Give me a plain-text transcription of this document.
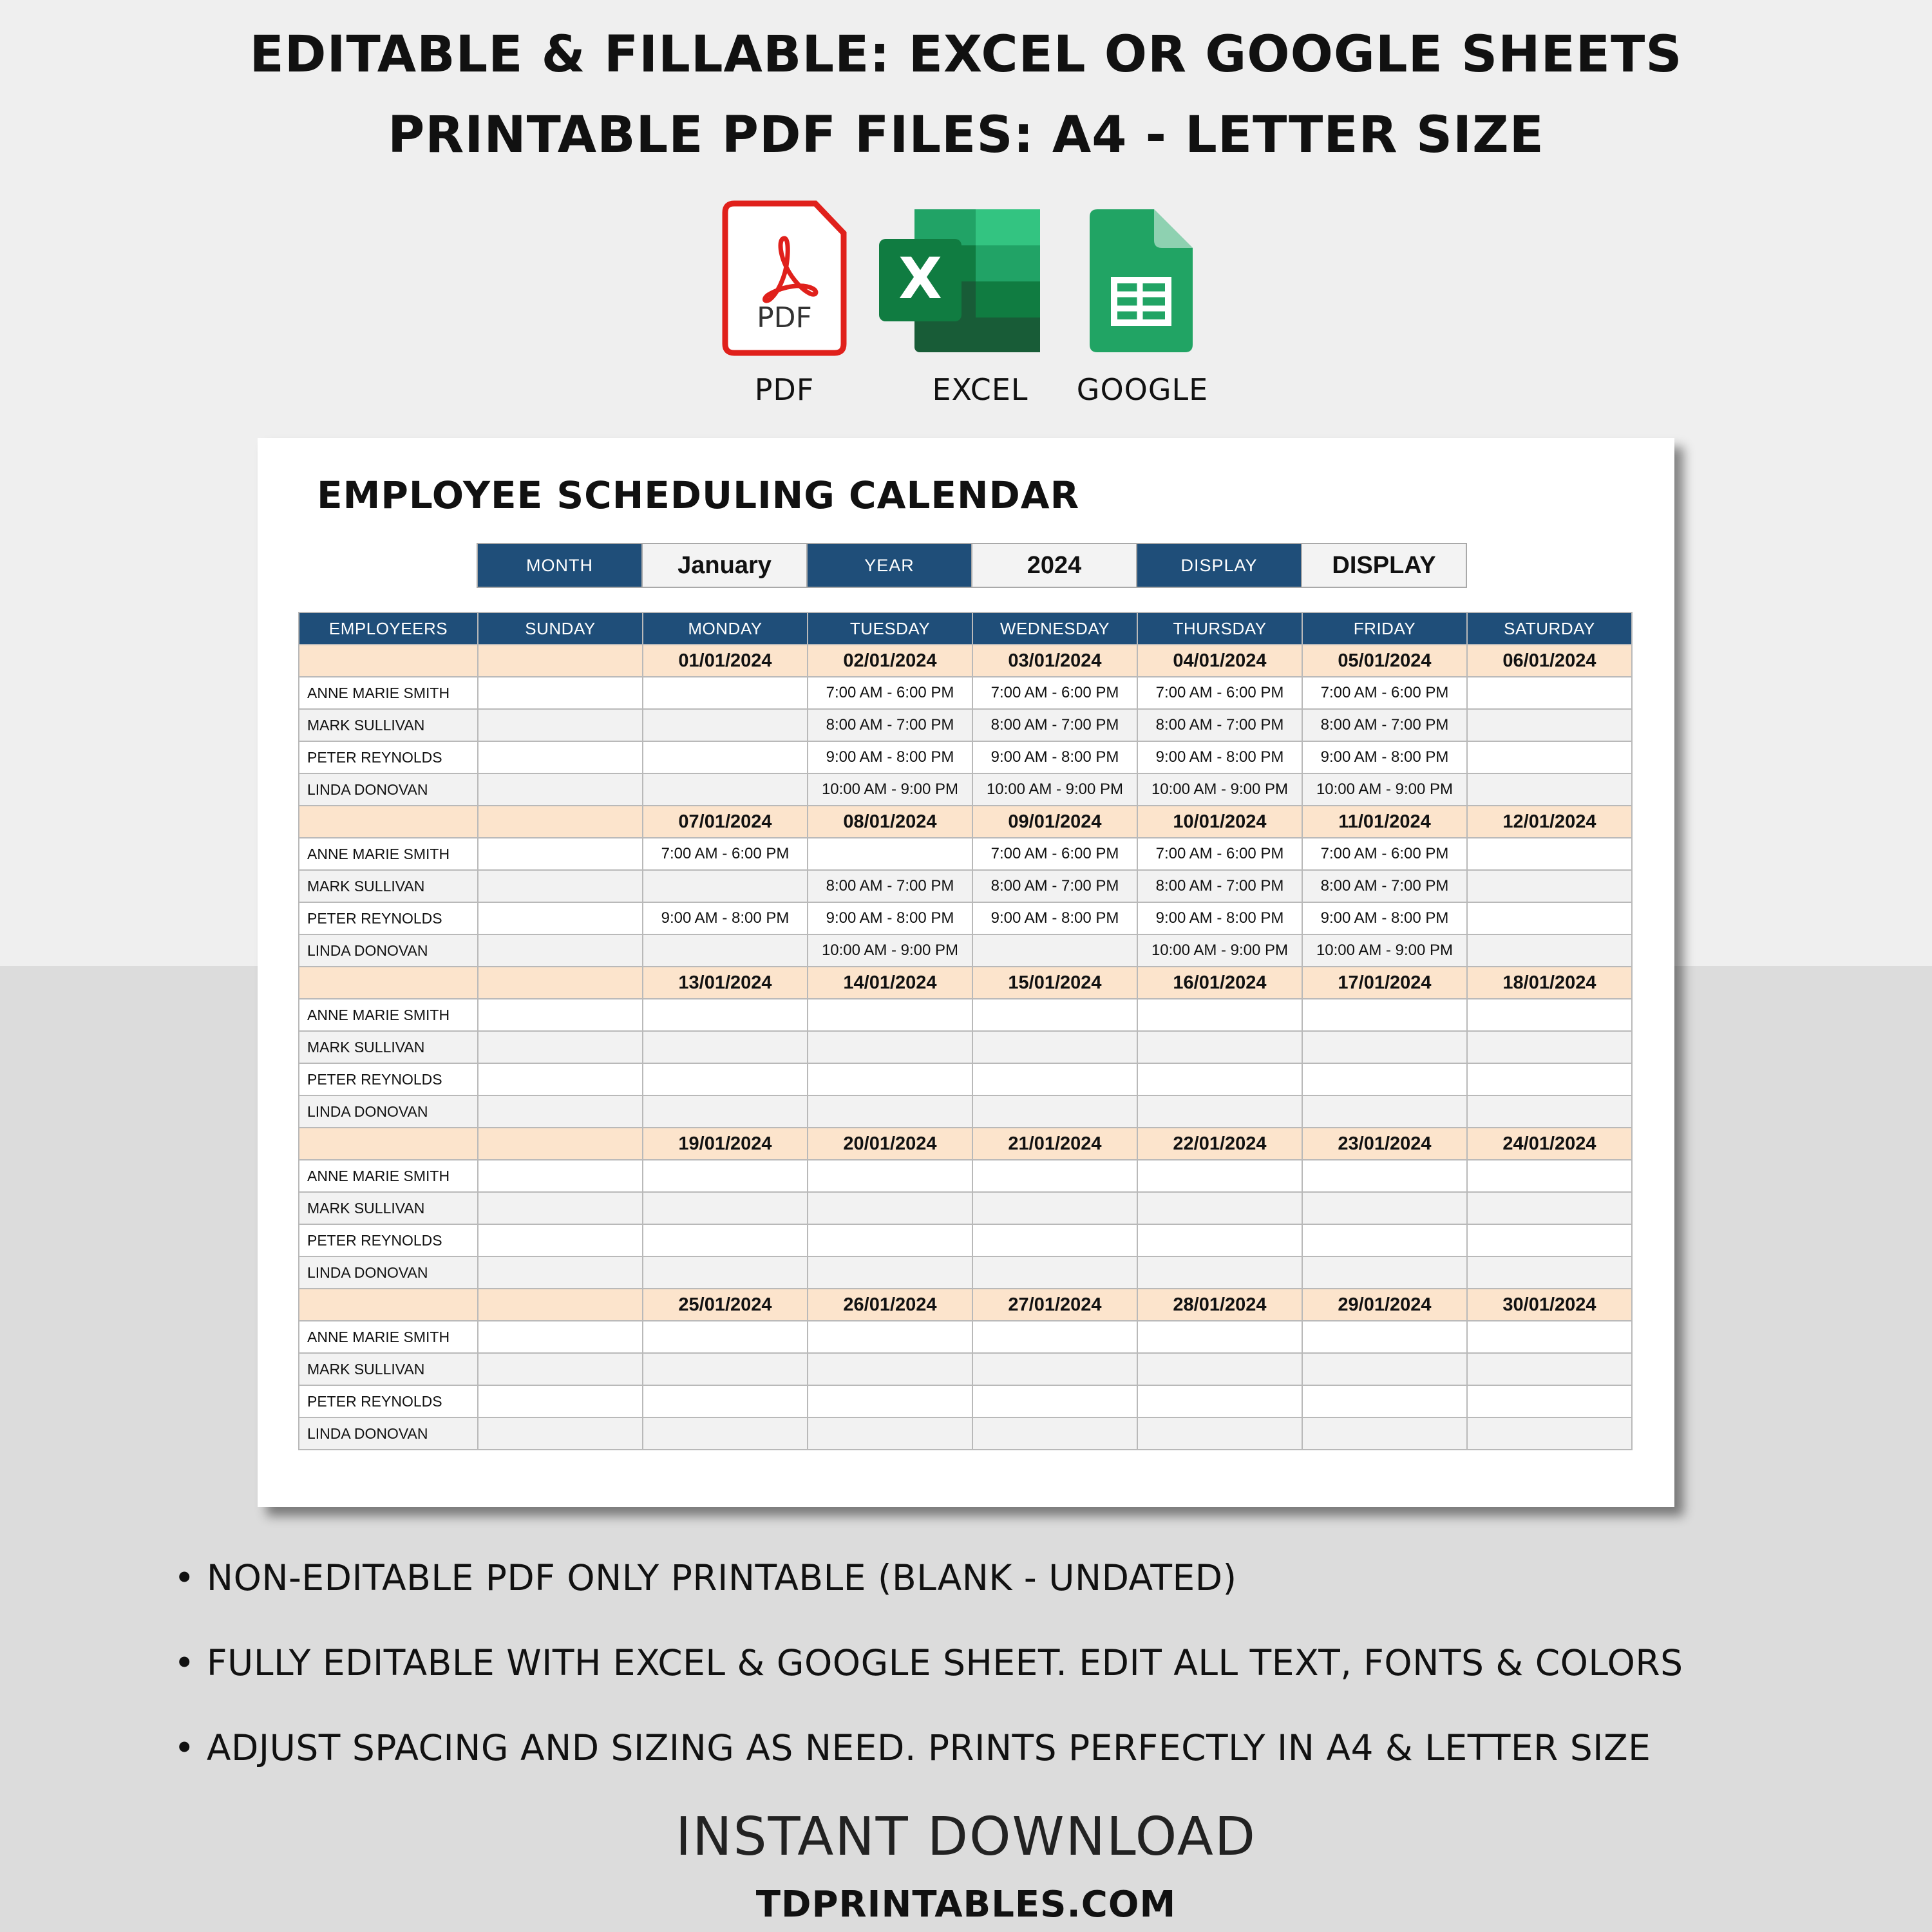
EDITABLE & FILLABLE: EXCEL OR GOOGLE SHEETS
PRINTABLE PDF FILES: A4 - LETTER SIZE
PDF
PDF
X
EXCEL	GOOGLE
EMPLOYEE SCHEDULING CALENDAR
MONTH	January	YEAR	2024	DISPLAY	DISPLAY
EMPLOYEERS	SUNDAY	MONDAY	TUESDAY	WEDNESDAY	THURSDAY	FRIDAY	SATURDAY
		01/01/2024	02/01/2024	03/01/2024	04/01/2024	05/01/2024	06/01/2024
ANNE MARIE SMITH			7:00 AM - 6:00 PM	7:00 AM - 6:00 PM	7:00 AM - 6:00 PM	7:00 AM - 6:00 PM	
MARK SULLIVAN			8:00 AM - 7:00 PM	8:00 AM - 7:00 PM	8:00 AM - 7:00 PM	8:00 AM - 7:00 PM	
PETER REYNOLDS			9:00 AM - 8:00 PM	9:00 AM - 8:00 PM	9:00 AM - 8:00 PM	9:00 AM - 8:00 PM	
LINDA DONOVAN			10:00 AM - 9:00 PM	10:00 AM - 9:00 PM	10:00 AM - 9:00 PM	10:00 AM - 9:00 PM	
		07/01/2024	08/01/2024	09/01/2024	10/01/2024	11/01/2024	12/01/2024
ANNE MARIE SMITH		7:00 AM - 6:00 PM		7:00 AM - 6:00 PM	7:00 AM - 6:00 PM	7:00 AM - 6:00 PM	
MARK SULLIVAN			8:00 AM - 7:00 PM	8:00 AM - 7:00 PM	8:00 AM - 7:00 PM	8:00 AM - 7:00 PM	
PETER REYNOLDS		9:00 AM - 8:00 PM	9:00 AM - 8:00 PM	9:00 AM - 8:00 PM	9:00 AM - 8:00 PM	9:00 AM - 8:00 PM	
LINDA DONOVAN			10:00 AM - 9:00 PM		10:00 AM - 9:00 PM	10:00 AM - 9:00 PM	
		13/01/2024	14/01/2024	15/01/2024	16/01/2024	17/01/2024	18/01/2024
ANNE MARIE SMITH							
MARK SULLIVAN							
PETER REYNOLDS							
LINDA DONOVAN							
		19/01/2024	20/01/2024	21/01/2024	22/01/2024	23/01/2024	24/01/2024
ANNE MARIE SMITH							
MARK SULLIVAN							
PETER REYNOLDS							
LINDA DONOVAN							
		25/01/2024	26/01/2024	27/01/2024	28/01/2024	29/01/2024	30/01/2024
ANNE MARIE SMITH							
MARK SULLIVAN							
PETER REYNOLDS							
LINDA DONOVAN							
• NON-EDITABLE PDF ONLY PRINTABLE (BLANK - UNDATED)
• FULLY EDITABLE WITH EXCEL & GOOGLE SHEET. EDIT ALL TEXT, FONTS & COLORS
• ADJUST SPACING AND SIZING AS NEED. PRINTS PERFECTLY IN A4 & LETTER SIZE
INSTANT DOWNLOAD
TDPRINTABLES.COM
